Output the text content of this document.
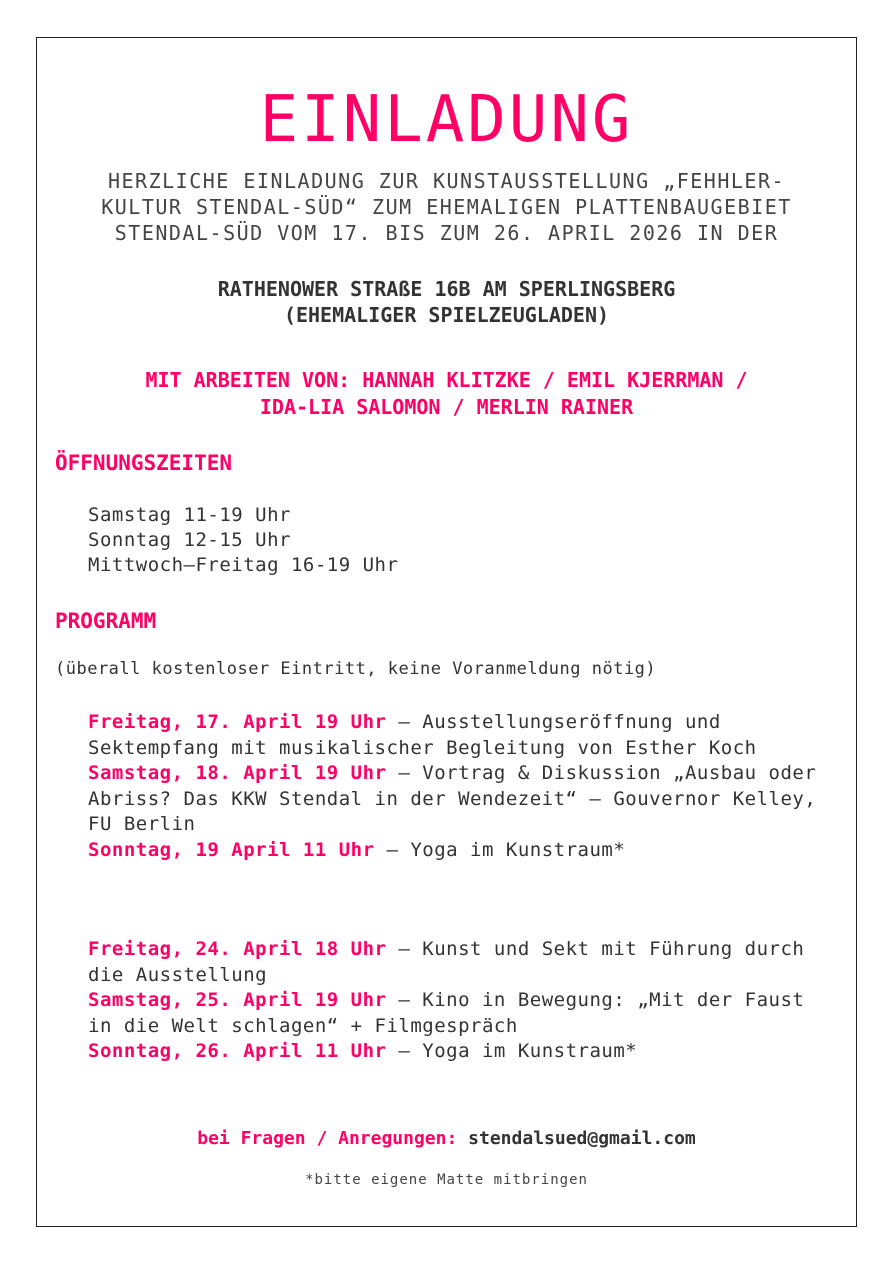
EINLADUNG
HERZLICHE EINLADUNG ZUR KUNSTAUSSTELLUNG „FEHHLER-
KULTUR STENDAL-SÜD“ ZUM EHEMALIGEN PLATTENBAUGEBIET
STENDAL-SÜD VOM 17. BIS ZUM 26. APRIL 2026 IN DER
RATHENOWER STRAßE 16B AM SPERLINGSBERG
(EHEMALIGER SPIELZEUGLADEN)
MIT ARBEITEN VON: HANNAH KLITZKE / EMIL KJERRMAN /
IDA-LIA SALOMON / MERLIN RAINER
ÖFFNUNGSZEITEN
Samstag 11-19 Uhr
Sonntag 12-15 Uhr
Mittwoch–Freitag 16-19 Uhr
PROGRAMM
(überall kostenloser Eintritt, keine Voranmeldung nötig)

Freitag, 17. April 19 Uhr – Ausstellungseröffnung und Sektempfang mit musikalischer Begleitung von Esther Koch

Samstag, 18. April 19 Uhr – Vortrag & Diskussion „Ausbau oder Abriss? Das KKW Stendal in der Wendezeit“ – Gouvernor Kelley, FU Berlin

Sonntag, 19 April 11 Uhr – Yoga im Kunstraum*

Freitag, 24. April 18 Uhr – Kunst und Sekt mit Führung durch die Ausstellung

Samstag, 25. April 19 Uhr – Kino in Bewegung: „Mit der Faust in die Welt schlagen“ + Filmgespräch

Sonntag, 26. April 11 Uhr – Yoga im Kunstraum*

bei Fragen / Anregungen: stendalsued@gmail.com
*bitte eigene Matte mitbringen
